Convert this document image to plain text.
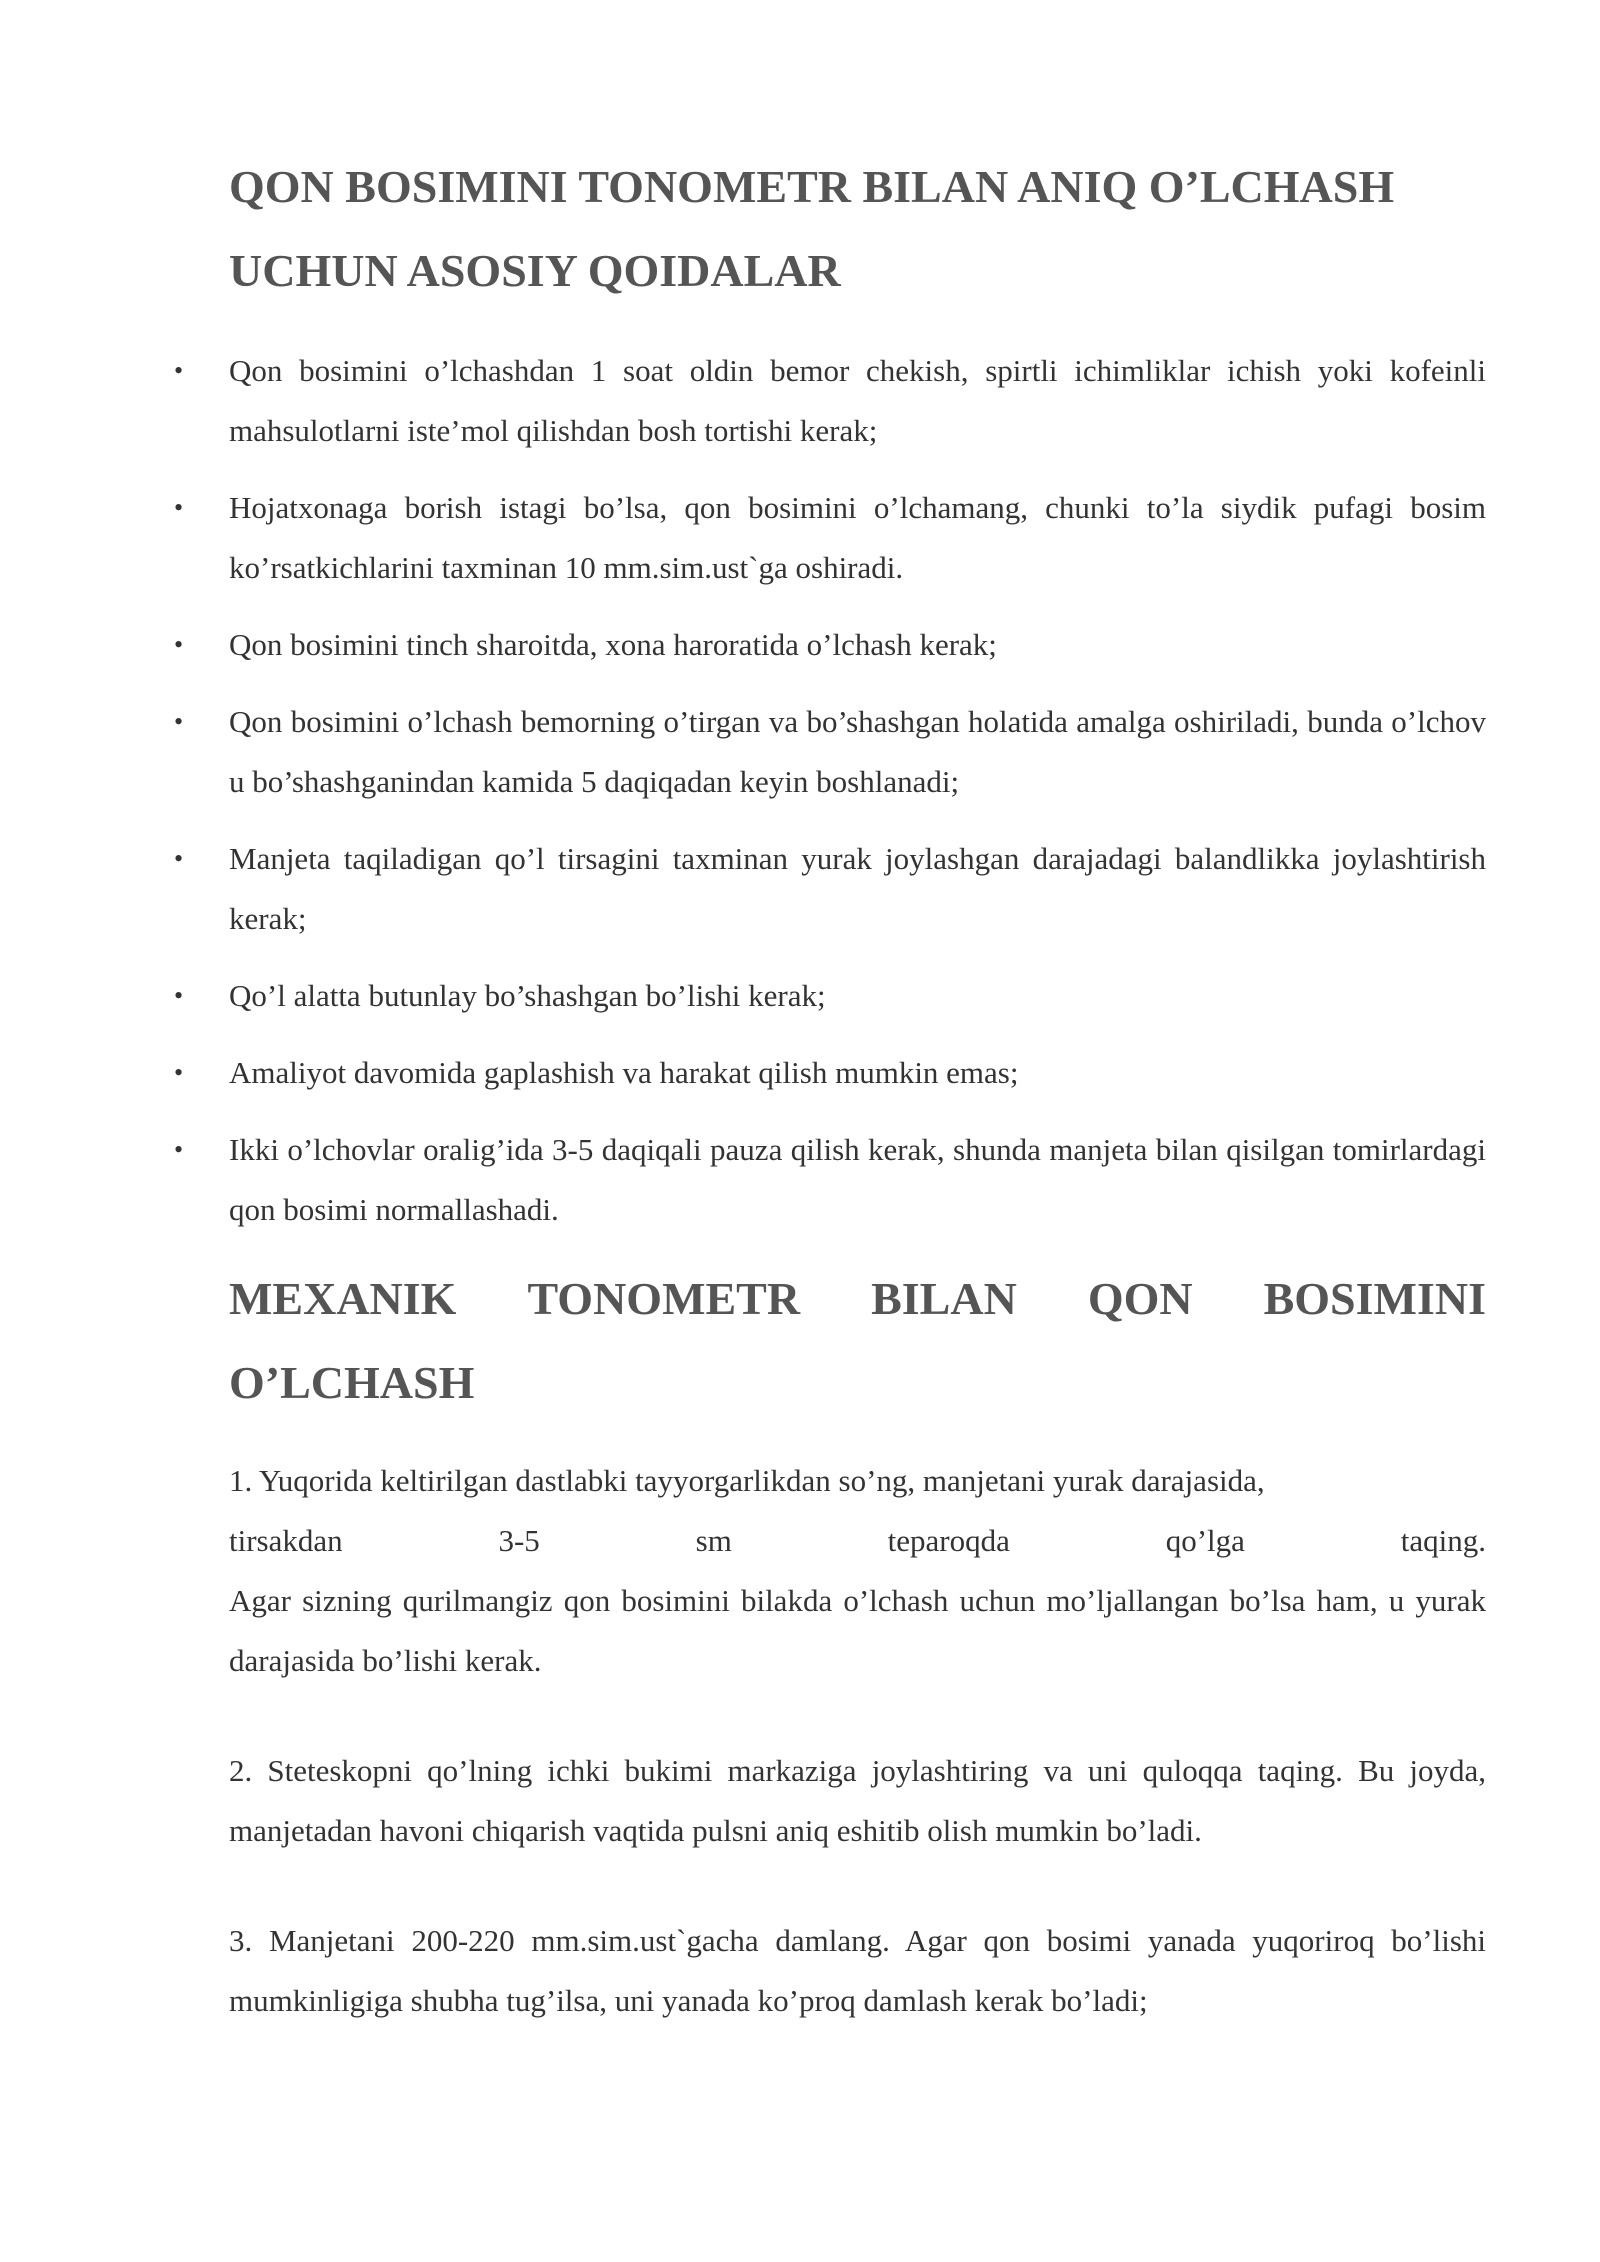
QON BOSIMINI TONOMETR BILAN ANIQ O’LCHASH
UCHUN ASOSIY QOIDALAR
• Qon bosimini o’lchashdan 1 soat oldin bemor chekish, spirtli ichimliklar ichish yoki kofeinli mahsulotlarni iste’mol qilishdan bosh tortishi kerak;
• Hojatxonaga borish istagi bo’lsa, qon bosimini o’lchamang, chunki to’la siydik pufagi bosim ko’rsatkichlarini taxminan 10 mm.sim.ust`ga oshiradi.
• Qon bosimini tinch sharoitda, xona haroratida o’lchash kerak;
• Qon bosimini o’lchash bemorning o’tirgan va bo’shashgan holatida amalga oshiriladi, bunda o’lchov u bo’shashganindan kamida 5 daqiqadan keyin boshlanadi;
• Manjeta taqiladigan qo’l tirsagini taxminan yurak joylashgan darajadagi balandlikka joylashtirish kerak;
• Qo’l alatta butunlay bo’shashgan bo’lishi kerak;
• Amaliyot davomida gaplashish va harakat qilish mumkin emas;
• Ikki o’lchovlar oralig’ida 3-5 daqiqali pauza qilish kerak, shunda manjeta bilan qisilgan tomirlardagi qon bosimi normallashadi.
MEXANIK TONOMETR BILAN QON BOSIMINI
O’LCHASH
1. Yuqorida keltirilgan dastlabki tayyorgarlikdan so’ng, manjetani yurak darajasida,
tirsakdan	3-5	sm	teparoqda	qo’lga	taqing.
Agar sizning qurilmangiz qon bosimini bilakda o’lchash uchun mo’ljallangan bo’lsa ham, u yurak darajasida bo’lishi kerak.

2. Steteskopni qo’lning ichki bukimi markaziga joylashtiring va uni quloqqa taqing. Bu joyda, manjetadan havoni chiqarish vaqtida pulsni aniq eshitib olish mumkin bo’ladi.

3. Manjetani 200-220 mm.sim.ust`gacha damlang. Agar qon bosimi yanada yuqoriroq bo’lishi mumkinligiga shubha tug’ilsa, uni yanada ko’proq damlash kerak bo’ladi;
